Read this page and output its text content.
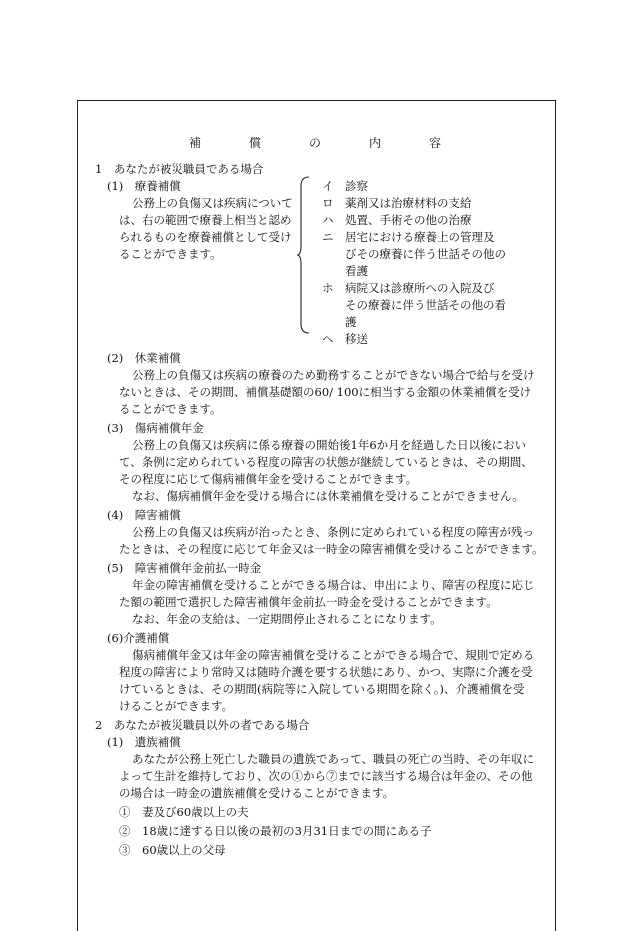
補	償	の	内	容
1　あなたが被災職員である場合
(1)　療養補償
公務上の負傷又は疾病について
は、右の範囲で療養上相当と認め
られるものを療養補償として受け
ることができます。
イ　診察
ロ　薬剤又は治療材料の支給
ハ　処置、手術その他の治療
ニ　居宅における療養上の管理及
　　びその療養に伴う世話その他の
　　看護
ホ　病院又は診療所への入院及び
　　その療養に伴う世話その他の看
　　護
ヘ　移送
(2)　休業補償
公務上の負傷又は疾病の療養のため勤務することができない場合で給与を受け
ないときは、その期間、補償基礎額の60/ 100に相当する金額の休業補償を受け
ることができます。
(3)　傷病補償年金
公務上の負傷又は疾病に係る療養の開始後1年6か月を経過した日以後におい
て、条例に定められている程度の障害の状態が継続しているときは、その期間、
その程度に応じて傷病補償年金を受けることができます。
なお、傷病補償年金を受ける場合には休業補償を受けることができません。
(4)　障害補償
公務上の負傷又は疾病が治ったとき、条例に定められている程度の障害が残っ
たときは、その程度に応じて年金又は一時金の障害補償を受けることができます。
(5)　障害補償年金前払一時金
年金の障害補償を受けることができる場合は、申出により、障害の程度に応じ
た額の範囲で選択した障害補償年金前払一時金を受けることができます。
なお、年金の支給は、一定期間停止されることになります。
(6)介護補償
傷病補償年金又は年金の障害補償を受けることができる場合で、規則で定める
程度の障害により常時又は随時介護を要する状態にあり、かつ、実際に介護を受
けているときは、その期間(病院等に入院している期間を除く。)、介護補償を受
けることができます。
2　あなたが被災職員以外の者である場合
(1)　遺族補償
あなたが公務上死亡した職員の遺族であって、職員の死亡の当時、その年収に
よって生計を維持しており、次の①から⑦までに該当する場合は年金の、その他
の場合は一時金の遺族補償を受けることができます。
①　妻及び60歳以上の夫
②　18歳に達する日以後の最初の3月31日までの間にある子
③　60歳以上の父母
